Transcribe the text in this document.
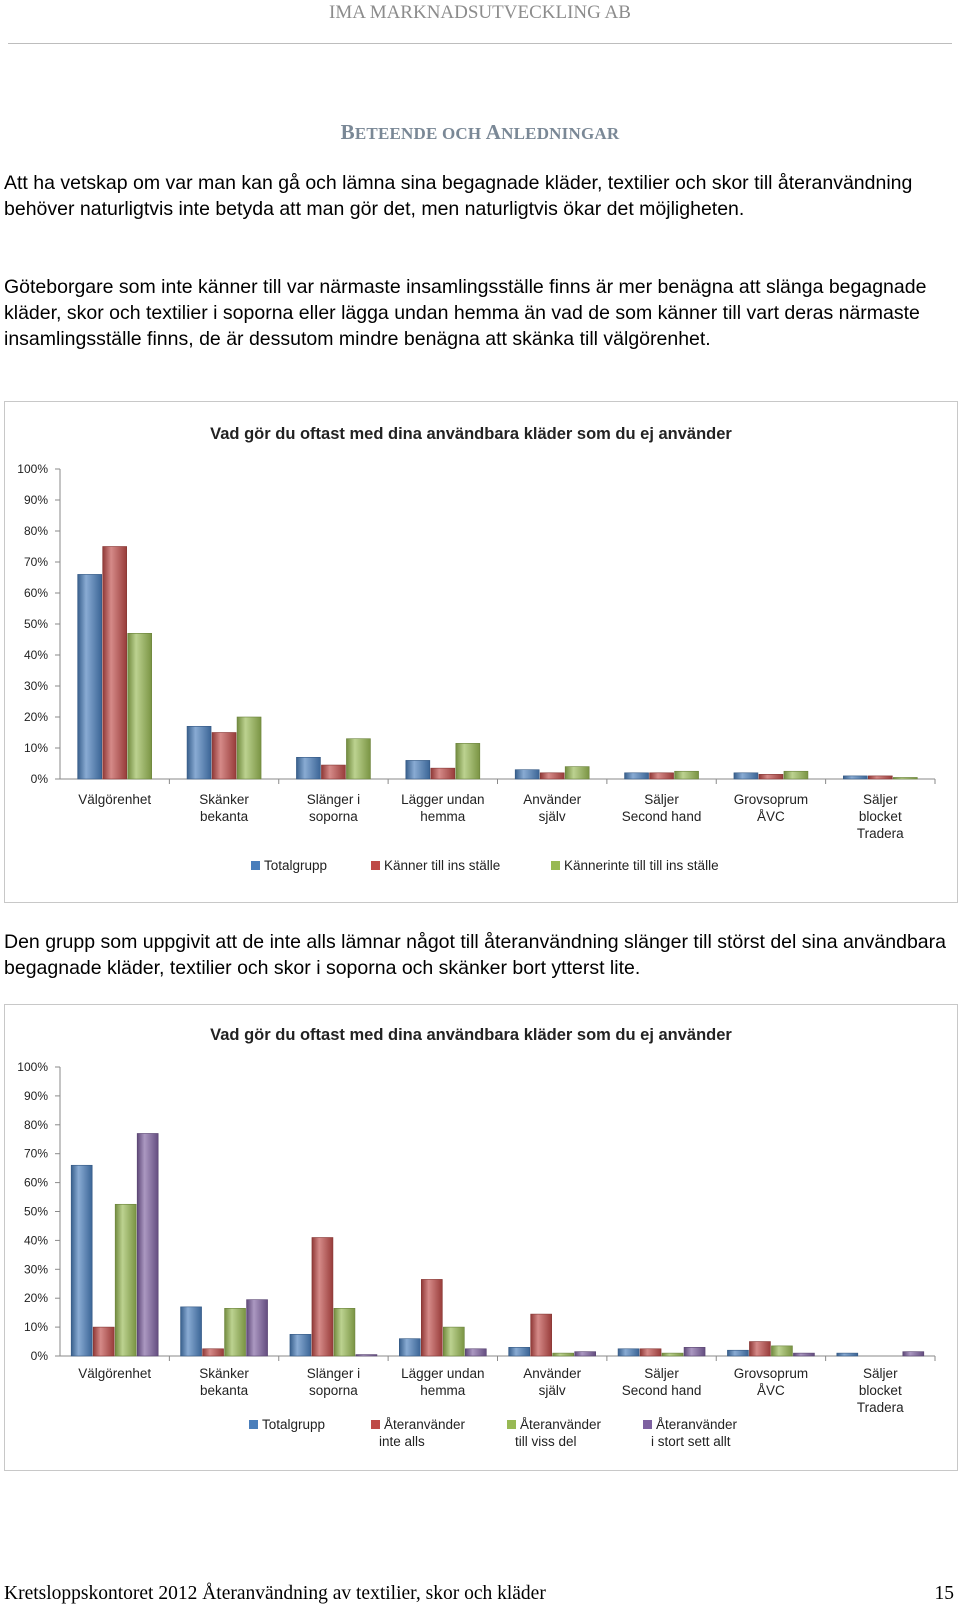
IMA MARKNADSUTVECKLING AB
BETEENDE OCH ANLEDNINGAR
Att ha vetskap om var man kan gå och lämna sina begagnade kläder, textilier och skor till återanvändning behöver naturligtvis inte betyda att man gör det, men naturligtvis ökar det möjligheten.
Göteborgare som inte känner till var närmaste insamlingsställe finns är mer benägna att slänga begagnade kläder, skor och textilier i soporna eller lägga undan hemma än vad de som känner till vart deras närmaste insamlingsställe finns, de är dessutom mindre benägna att skänka till välgörenhet.
Vad gör du oftast med dina användbara kläder som du ej använder
0%
10%
20%
30%
40%
50%
60%
70%
80%
90%
100%
Välgörenhet	Skänker
bekanta
Slänger i
soporna
Lägger undan
hemma
Använder
själv
Säljer
Second hand
Grovsoprum
ÅVC
Säljer
blocket
Tradera
Totalgrupp	Känner till ins ställe	Kännerinte till till ins ställe
Den grupp som uppgivit att de inte alls lämnar något till återanvändning slänger till störst del sina användbara begagnade kläder, textilier och skor i soporna och skänker bort ytterst lite.
Vad gör du oftast med dina användbara kläder som du ej använder
0%
10%
20%
30%
40%
50%
60%
70%
80%
90%
100%
Välgörenhet	Skänker
bekanta
Slänger i
soporna
Lägger undan
hemma
Använder
själv
Säljer
Second hand
Grovsoprum
ÅVC
Säljer
blocket
Tradera
Totalgrupp	Återanvänder
inte alls
Återanvänder
till viss del
Återanvänder
i stort sett allt
Kretsloppskontoret 2012 Återanvändning av textilier, skor och kläder	15
